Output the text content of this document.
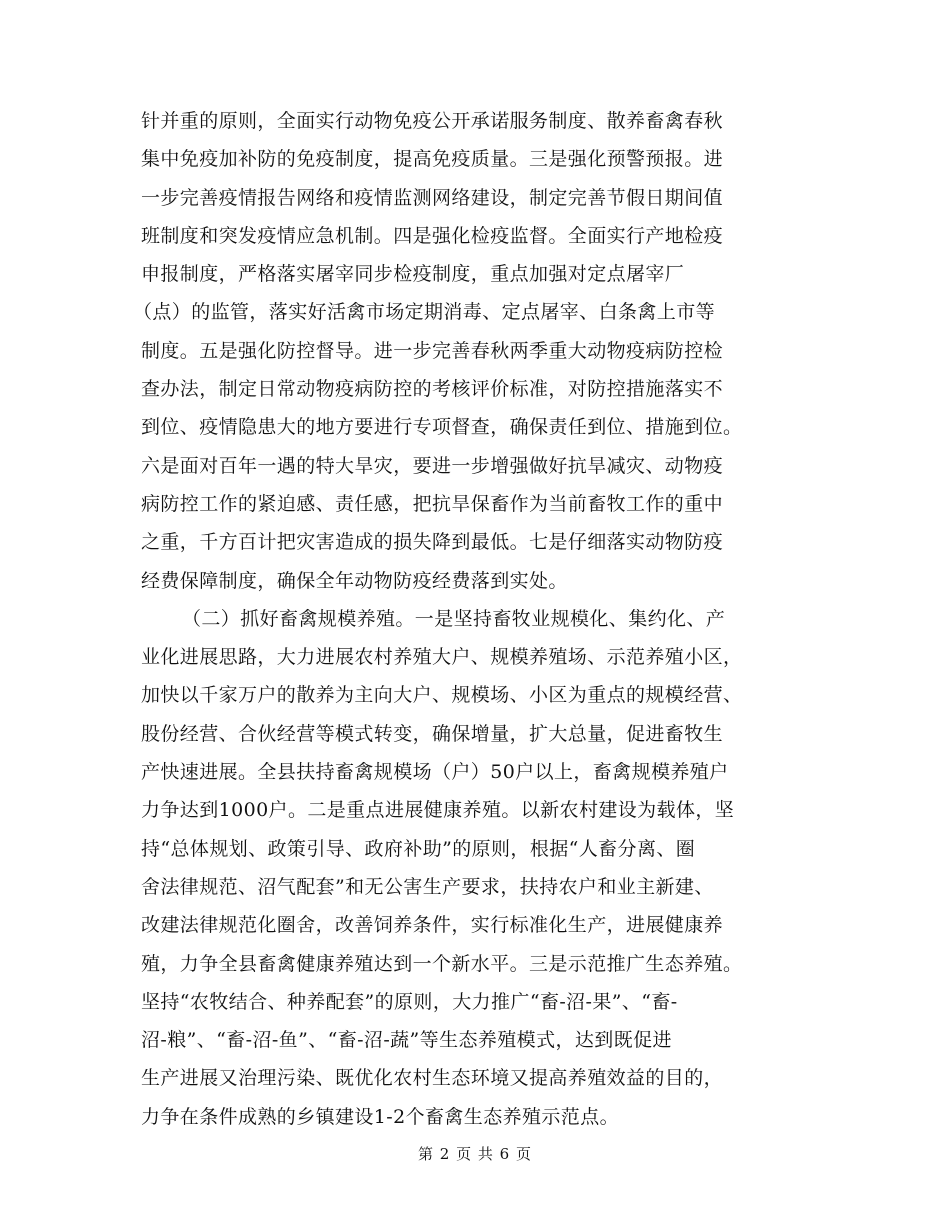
针并重的原则，全面实行动物免疫公开承诺服务制度、散养畜禽春秋
集中免疫加补防的免疫制度，提高免疫质量。三是强化预警预报。进
一步完善疫情报告网络和疫情监测网络建设，制定完善节假日期间值
班制度和突发疫情应急机制。四是强化检疫监督。全面实行产地检疫
申报制度，严格落实屠宰同步检疫制度，重点加强对定点屠宰厂
（点）的监管，落实好活禽市场定期消毒、定点屠宰、白条禽上市等
制度。五是强化防控督导。进一步完善春秋两季重大动物疫病防控检
查办法，制定日常动物疫病防控的考核评价标准，对防控措施落实不
到位、疫情隐患大的地方要进行专项督查，确保责任到位、措施到位。
六是面对百年一遇的特大旱灾，要进一步增强做好抗旱减灾、动物疫
病防控工作的紧迫感、责任感，把抗旱保畜作为当前畜牧工作的重中
之重，千方百计把灾害造成的损失降到最低。七是仔细落实动物防疫
经费保障制度，确保全年动物防疫经费落到实处。
（二）抓好畜禽规模养殖。一是坚持畜牧业规模化、集约化、产
业化进展思路，大力进展农村养殖大户、规模养殖场、示范养殖小区，
加快以千家万户的散养为主向大户、规模场、小区为重点的规模经营、
股份经营、合伙经营等模式转变，确保增量，扩大总量，促进畜牧生
产快速进展。全县扶持畜禽规模场（户）50户以上，畜禽规模养殖户
力争达到1000户。二是重点进展健康养殖。以新农村建设为载体，坚
持“总体规划、政策引导、政府补助”的原则，根据“人畜分离、圈
舍法律规范、沼气配套”和无公害生产要求，扶持农户和业主新建、
改建法律规范化圈舍，改善饲养条件，实行标准化生产，进展健康养
殖，力争全县畜禽健康养殖达到一个新水平。三是示范推广生态养殖。
坚持“农牧结合、种养配套”的原则，大力推广“畜-沼-果”、“畜-
沼-粮”、“畜-沼-鱼”、“畜-沼-蔬”等生态养殖模式，达到既促进
生产进展又治理污染、既优化农村生态环境又提高养殖效益的目的，
力争在条件成熟的乡镇建设1-2个畜禽生态养殖示范点。
第 2 页 共 6 页
